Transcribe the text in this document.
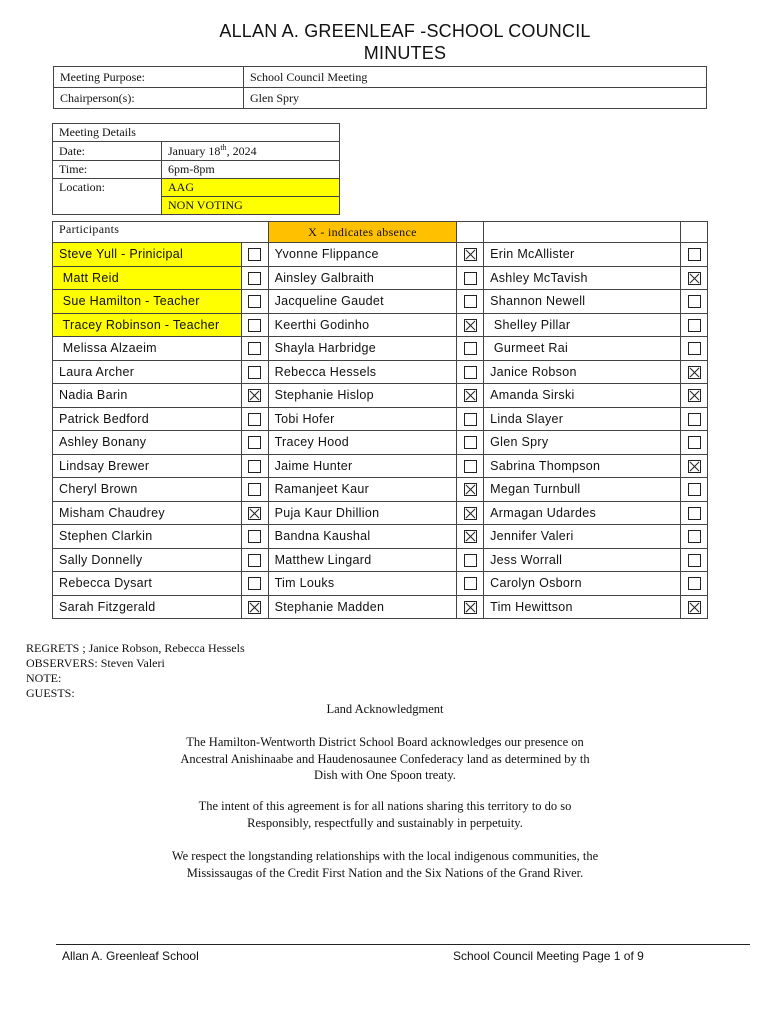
ALLAN A. GREENLEAF -SCHOOL COUNCIL
MINUTES
Meeting Purpose:	School Council Meeting
Chairperson(s):	Glen Spry
Meeting Details	
Date:	January 18th, 2024
Time:	6pm-8pm
Location:	AAG
	NON VOTING
Participants		X - indicates absence			
Steve Yull - Prinicipal		Yvonne Flippance		Erin McAllister	
Matt Reid		Ainsley Galbraith		Ashley McTavish	
Sue Hamilton - Teacher		Jacqueline Gaudet		Shannon Newell	
Tracey Robinson - Teacher		Keerthi Godinho		Shelley Pillar	
Melissa Alzaeim		Shayla Harbridge		Gurmeet Rai	
Laura Archer		Rebecca Hessels		Janice Robson	
Nadia Barin		Stephanie Hislop		Amanda Sirski	
Patrick Bedford		Tobi Hofer		Linda Slayer	
Ashley Bonany		Tracey Hood		Glen Spry	
Lindsay Brewer		Jaime Hunter		Sabrina Thompson	
Cheryl Brown		Ramanjeet Kaur		Megan Turnbull	
Misham Chaudrey		Puja Kaur Dhillion		Armagan Udardes	
Stephen Clarkin		Bandna Kaushal		Jennifer Valeri	
Sally Donnelly		Matthew Lingard		Jess Worrall	
Rebecca Dysart		Tim Louks		Carolyn Osborn	
Sarah Fitzgerald		Stephanie Madden		Tim Hewittson	
REGRETS ; Janice Robson, Rebecca Hessels
OBSERVERS: Steven Valeri
NOTE:
GUESTS:
Land Acknowledgment
The Hamilton-Wentworth District School Board acknowledges our presence on
Ancestral Anishinaabe and Haudenosaunee Confederacy land as determined by th
Dish with One Spoon treaty.
The intent of this agreement is for all nations sharing this territory to do so
Responsibly, respectfully and sustainably in perpetuity.
We respect the longstanding relationships with the local indigenous communities, the
Mississaugas of the Credit First Nation and the Six Nations of the Grand River.
Allan A. Greenleaf School	School Council Meeting Page 1 of 9
